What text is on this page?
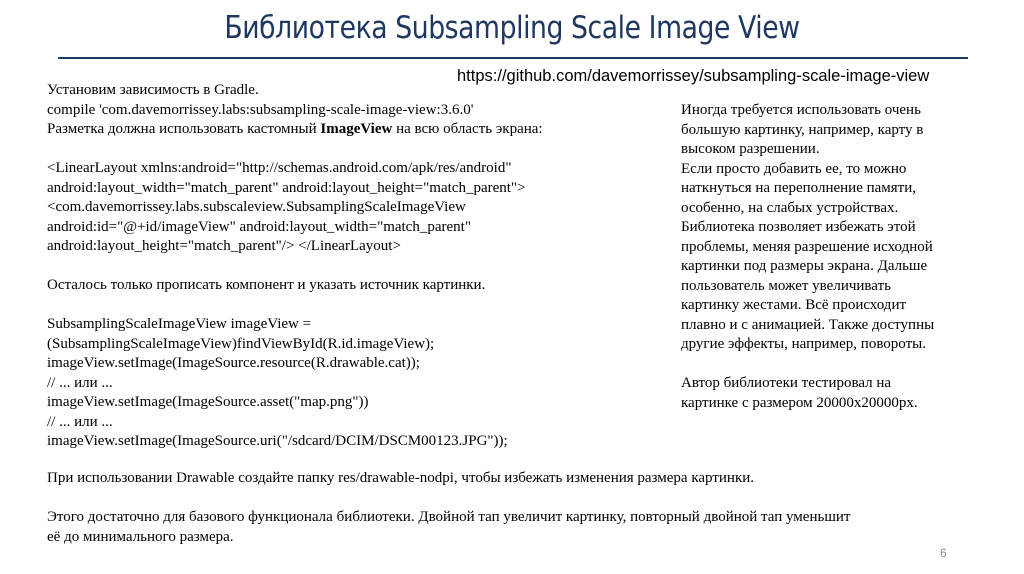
Библиотека Subsampling Scale Image View
https://github.com/davemorrissey/subsampling-scale-image-view
Установим зависимость в Gradle.
compile 'com.davemorrissey.labs:subsampling-scale-image-view:3.6.0'
Разметка должна использовать кастомный ImageView на всю область экрана:
<LinearLayout xmlns:android="http://schemas.android.com/apk/res/android"
android:layout_width="match_parent" android:layout_height="match_parent">
<com.davemorrissey.labs.subscaleview.SubsamplingScaleImageView
android:id="@+id/imageView" android:layout_width="match_parent"
android:layout_height="match_parent"/> </LinearLayout>
Осталось только прописать компонент и указать источник картинки.
SubsamplingScaleImageView imageView =
(SubsamplingScaleImageView)findViewById(R.id.imageView);
imageView.setImage(ImageSource.resource(R.drawable.cat));
// ... или ...
imageView.setImage(ImageSource.asset("map.png"))
// ... или ...
imageView.setImage(ImageSource.uri("/sdcard/DCIM/DSCM00123.JPG"));
При использовании Drawable создайте папку res/drawable-nodpi, чтобы избежать изменения размера картинки.
Этого достаточно для базового функционала библиотеки. Двойной тап увеличит картинку, повторный двойной тап уменьшит
её до минимального размера.
Иногда требуется использовать очень
большую картинку, например, карту в
высоком разрешении.
Если просто добавить ее, то можно
наткнуться на переполнение памяти,
особенно, на слабых устройствах.
Библиотека позволяет избежать этой
проблемы, меняя разрешение исходной
картинки под размеры экрана. Дальше
пользователь может увеличивать
картинку жестами. Всё происходит
плавно и с анимацией. Также доступны
другие эффекты, например, повороты.
Автор библиотеки тестировал на
картинке с размером 20000x20000px.
6
